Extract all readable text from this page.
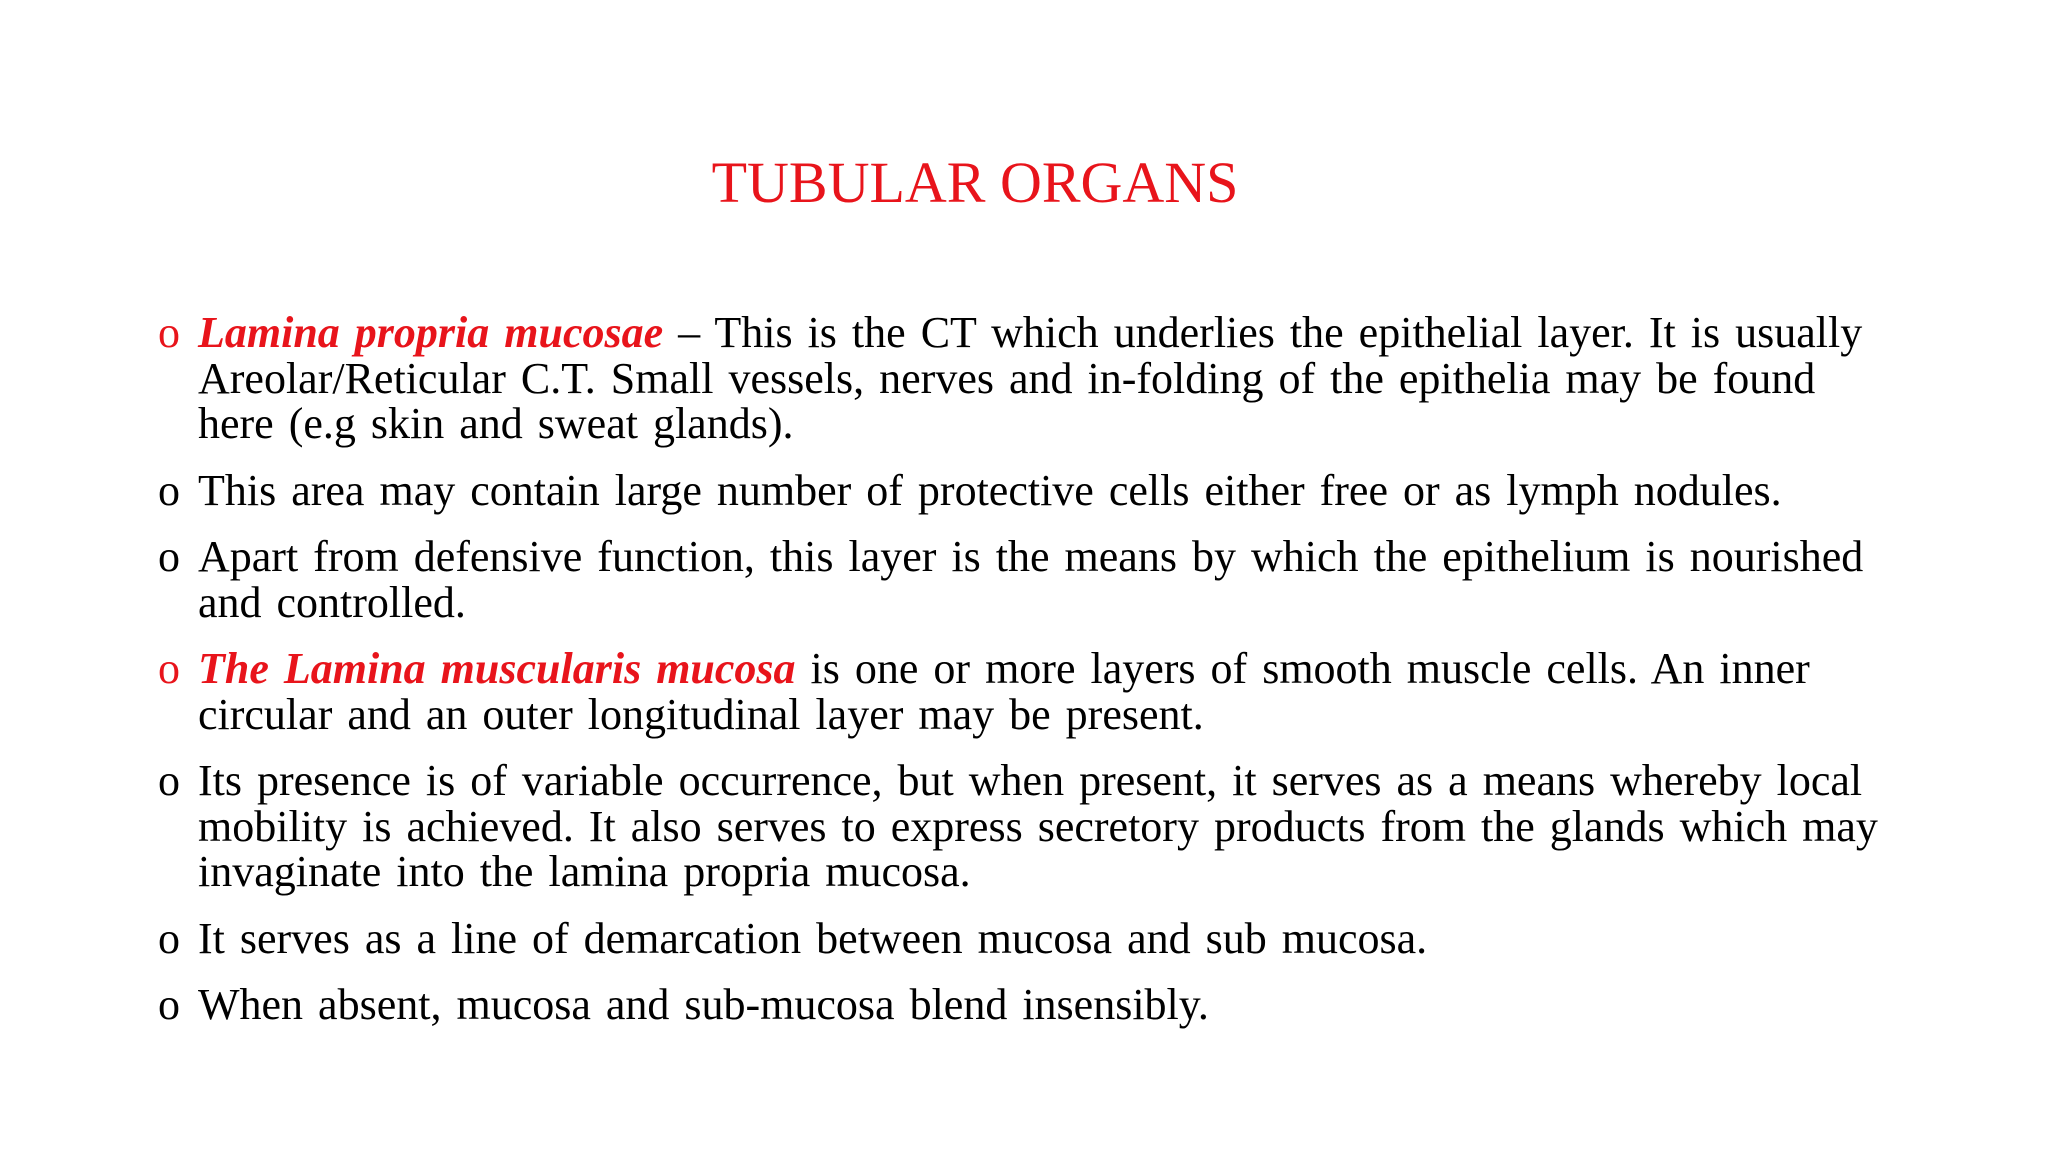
TUBULAR ORGANS
o Lamina propria mucosae – This is the CT which underlies the epithelial layer. It is usually Areolar/Reticular C.T. Small vessels, nerves and in-folding of the epithelia may be found here (e.g skin and sweat glands).
o This area may contain large number of protective cells either free or as lymph nodules.
o Apart from defensive function, this layer is the means by which the epithelium is nourished and controlled.
o The Lamina muscularis mucosa is one or more layers of smooth muscle cells. An inner circular and an outer longitudinal layer may be present.
o Its presence is of variable occurrence, but when present, it serves as a means whereby local mobility is achieved. It also serves to express secretory products from the glands which may invaginate into the lamina propria mucosa.
o It serves as a line of demarcation between mucosa and sub mucosa.
o When absent, mucosa and sub-mucosa blend insensibly.
